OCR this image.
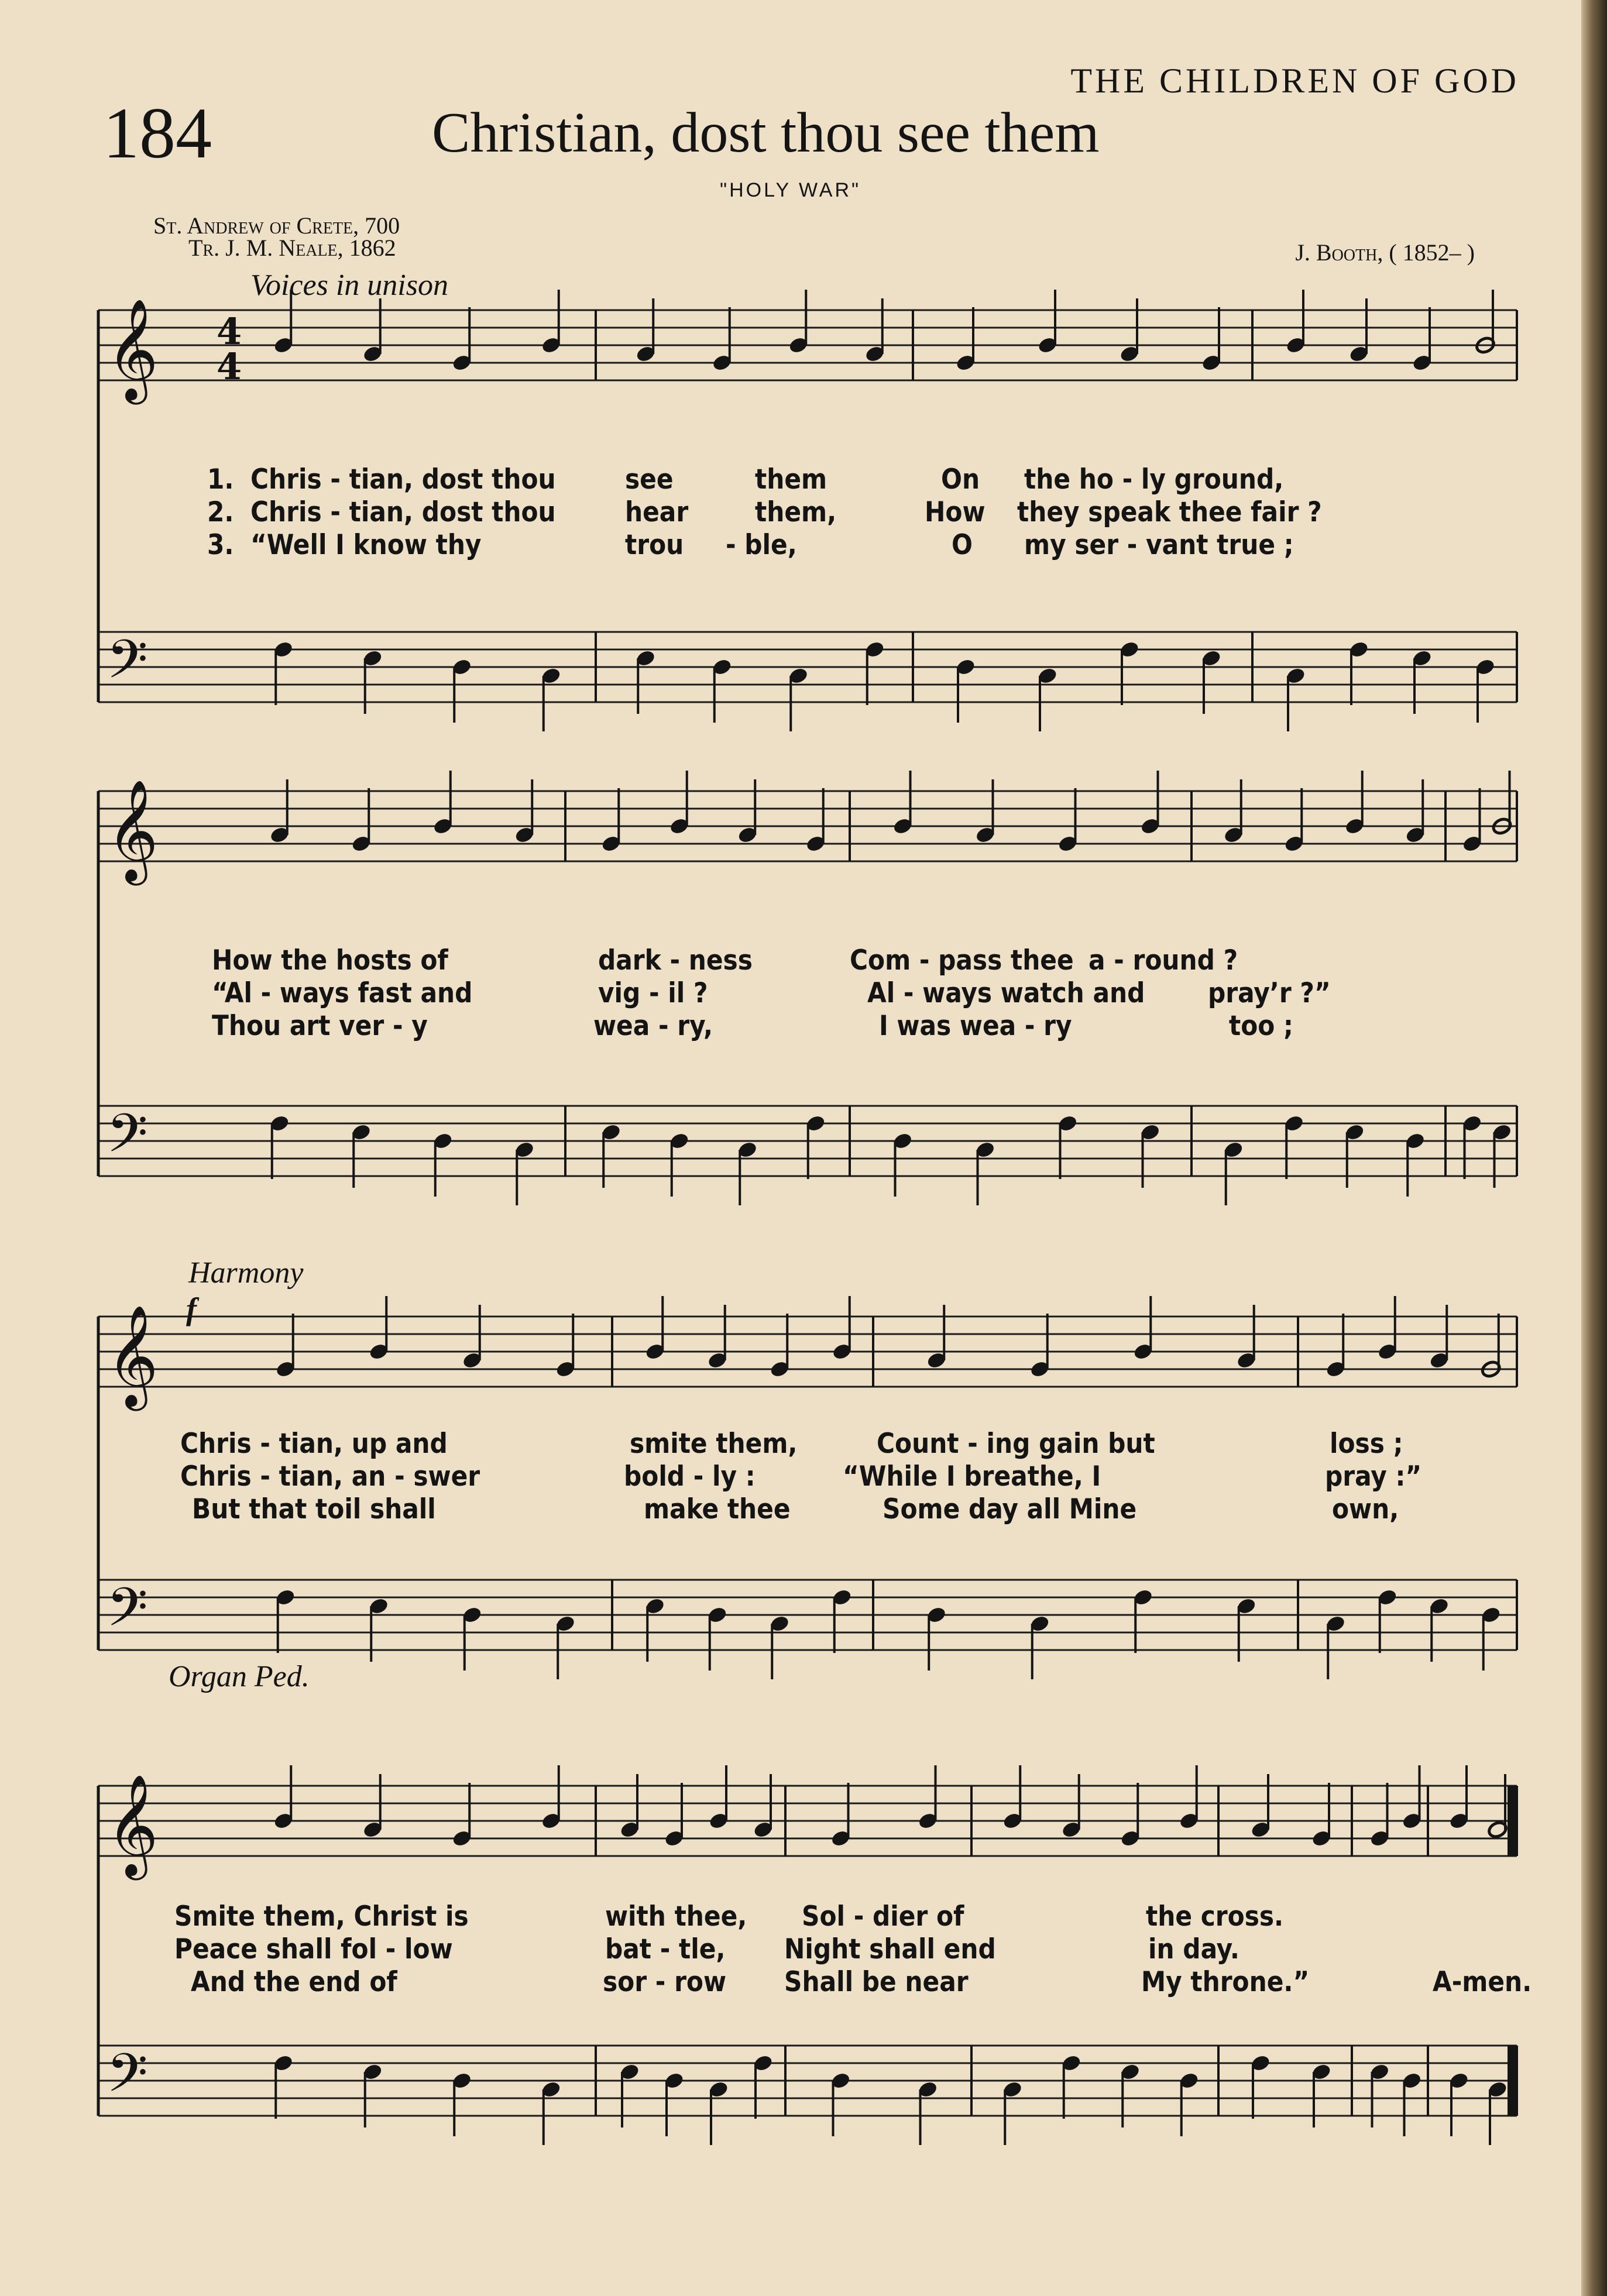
THE CHILDREN OF GOD
184	Christian, dost thou see them
"HOLY WAR"
St. Andrew of Crete, 700
Tr. J. M. Neale, 1862	J. Booth, ( 1852– )
Voices in unison
Harmony
f
Organ Ped.
𝄞
𝄢
𝄞
𝄢
𝄞
𝄢
𝄞
𝄢
4
4
1. Chris - tian, dost thou	see	them	On the ho - ly ground,
2. Chris - tian, dost thou	hear them,	How they speak thee fair ?
3. “Well I know thy	trou - ble,	O my ser - vant true ;
How the hosts of	dark - ness	Com - pass thee a - round ?
“Al - ways fast and	vig - il ?	Al - ways watch and pray’r ?”
Thou art ver - y	wea - ry,	I was wea - ry	too ;
Chris - tian, up and	smite them,	Count - ing gain but	loss ;
Chris - tian, an - swer	bold - ly :	“While I breathe, I	pray :”
But that toil shall	make thee	Some day all Mine	own,
Smite them, Christ is	with thee, Sol - dier of	the cross.
Peace shall fol - low	bat - tle, Night shall end	in day.
And the end of	sor - row Shall be near	My throne.”	A-men.
